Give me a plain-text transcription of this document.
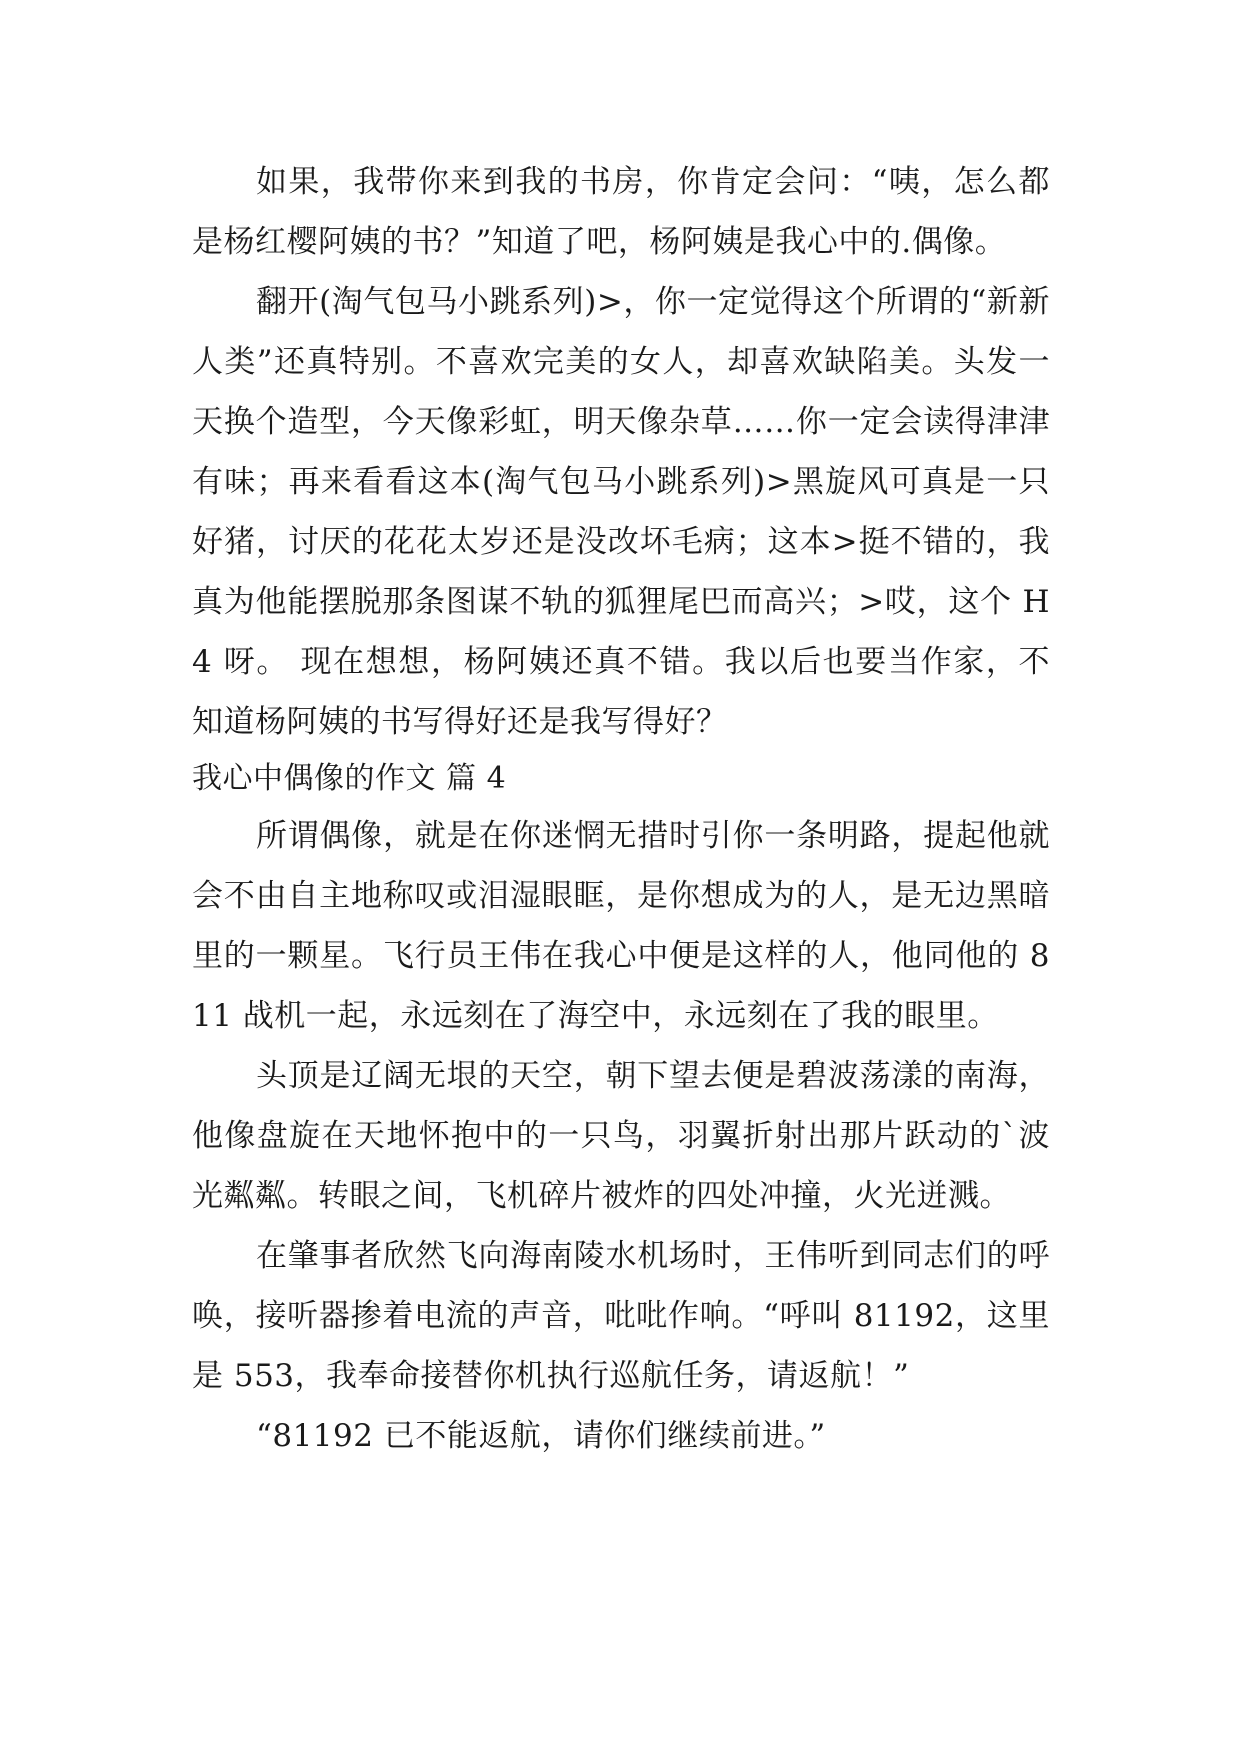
如果，我带你来到我的书房，你肯定会问：“咦，怎么都是杨红樱阿姨的书？”知道了吧，杨阿姨是我心中的.偶像。

翻开(淘气包马小跳系列)>，你一定觉得这个所谓的“新新人类”还真特别。不喜欢完美的女人，却喜欢缺陷美。头发一天换个造型，今天像彩虹，明天像杂草……你一定会读得津津有味；再来看看这本(淘气包马小跳系列)>黑旋风可真是一只好猪，讨厌的花花太岁还是没改坏毛病；这本>挺不错的，我真为他能摆脱那条图谋不轨的狐狸尾巴而高兴；>哎，这个 H4 呀。 现在想想，杨阿姨还真不错。我以后也要当作家，不知道杨阿姨的书写得好还是我写得好？

我心中偶像的作文 篇 4

所谓偶像，就是在你迷惘无措时引你一条明路，提起他就会不由自主地称叹或泪湿眼眶，是你想成为的人，是无边黑暗里的一颗星。飞行员王伟在我心中便是这样的人，他同他的 811 战机一起，永远刻在了海空中，永远刻在了我的眼里。

头顶是辽阔无垠的天空，朝下望去便是碧波荡漾的南海，他像盘旋在天地怀抱中的一只鸟，羽翼折射出那片跃动的`波光粼粼。转眼之间，飞机碎片被炸的四处冲撞，火光迸溅。

在肇事者欣然飞向海南陵水机场时，王伟听到同志们的呼唤，接听器掺着电流的声音，吡吡作响。“呼叫 81192，这里是 553，我奉命接替你机执行巡航任务，请返航！”

“81192 已不能返航，请你们继续前进。”
